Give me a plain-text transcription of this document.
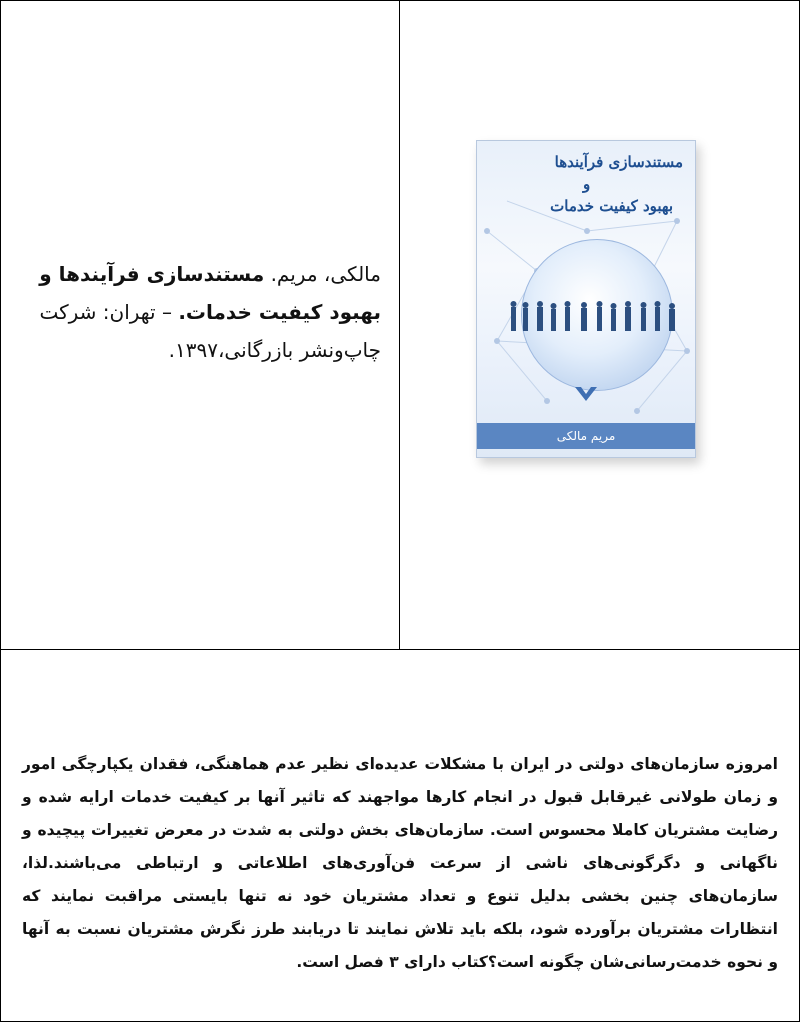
مالکی، مریم. مستندسازی فرآیندها و بهبود کیفیت خدمات. – تهران: شرکت چاپ‌ونشر بازرگانی،۱۳۹۷.
مستندسازی فرآیندها
و
بهبود کیفیت خدمات
مریم مالکی
امروزه سازمان‌های دولتی در ایران با مشکلات عدیده‌ای نظیر عدم هماهنگی، فقدان یکپارچگی امور و زمان طولانی غیرقابل قبول در انجام کارها مواجهند که تاثیر آنها بر کیفیت خدمات ارایه شده و رضایت مشتریان کاملا محسوس است. سازمان‌های بخش دولتی به شدت در معرض تغییرات پیچیده و ناگهانی و دگرگونی‌های ناشی از سرعت فن‌آوری‌های اطلاعاتی و ارتباطی می‌باشند.لذا، سازمان‌های چنین بخشی بدلیل تنوع و تعداد مشتریان خود نه تنها بایستی مراقبت نمایند که انتظارات مشتریان برآورده شود، بلکه باید تلاش نمایند تا دریابند طرز نگرش مشتریان نسبت به آنها و نحوه خدمت‌رسانی‌شان چگونه است؟کتاب دارای ۳ فصل است.
